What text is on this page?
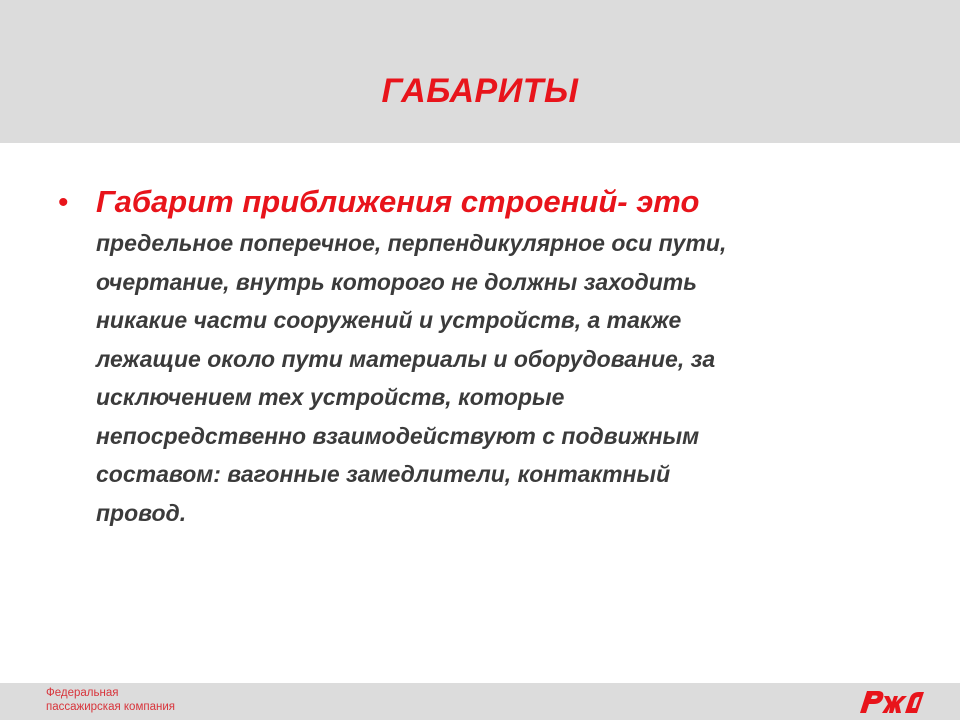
ГАБАРИТЫ
• Габарит приближения строений- это
предельное поперечное, перпендикулярное оси пути,
очертание, внутрь которого не должны заходить
никакие части сооружений и устройств, а также
лежащие около пути материалы и оборудование, за
исключением тех устройств, которые
непосредственно взаимодействуют с подвижным
составом: вагонные замедлители, контактный
провод.
Федеральная
пассажирская компания
